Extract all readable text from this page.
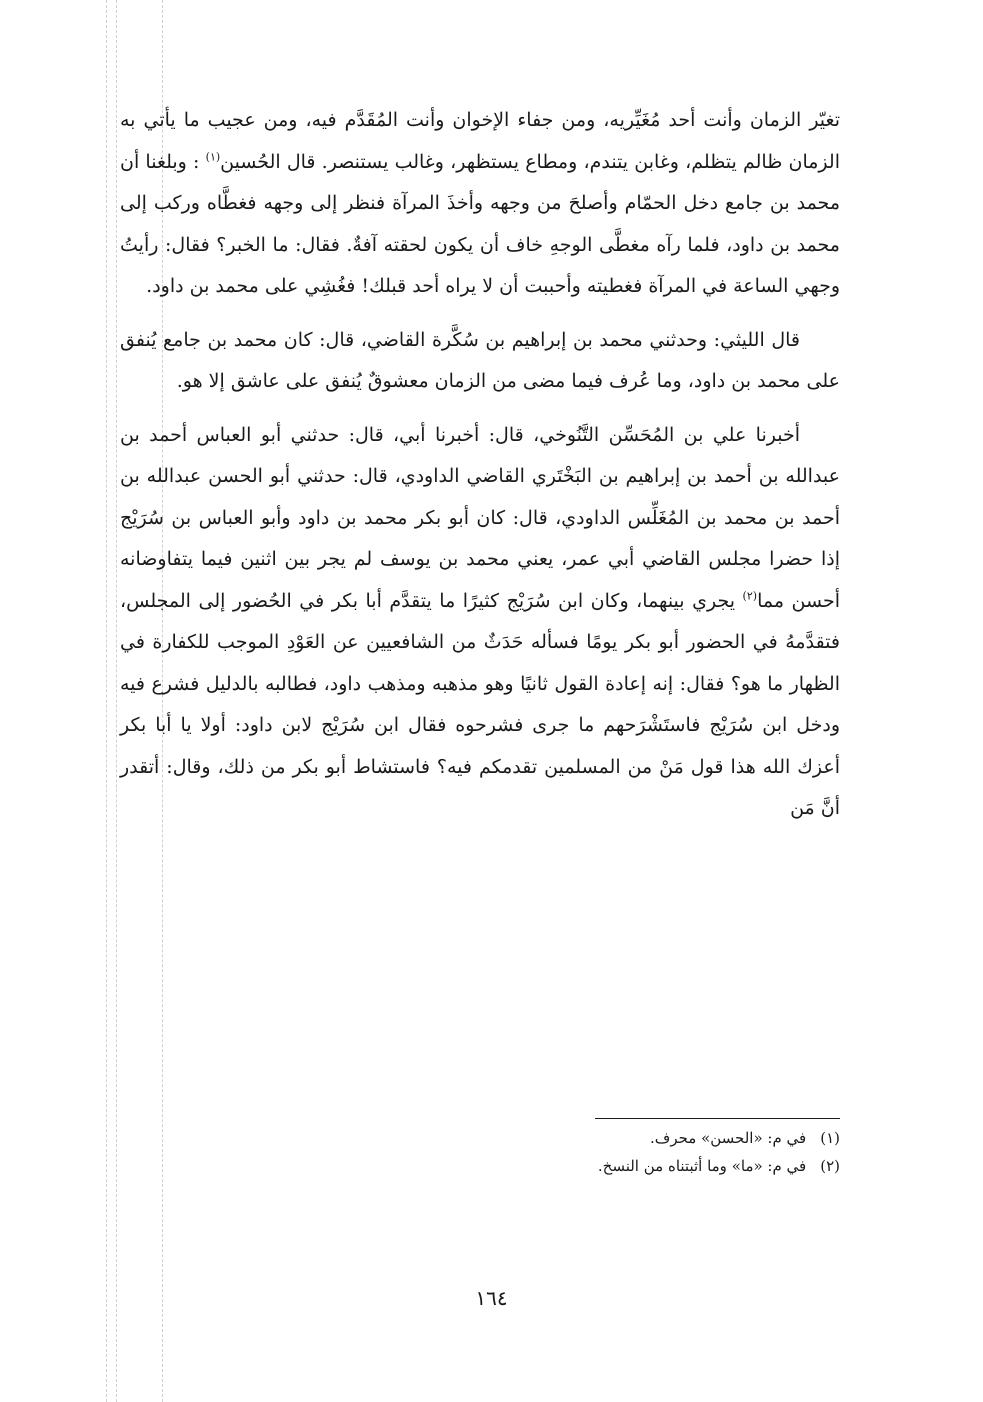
تغيّر الزمان وأنت أحد مُغَيِّريه، ومن جفاء الإخوان وأنت المُقَدَّم فيه، ومن عجيب ما يأتي به الزمان ظالم يتظلم، وغابن يتندم، ومطاع يستظهر، وغالب يستنصر. قال الحُسين$^{(١)}$ : وبلغنا أن محمد بن جامع دخل الحمّام وأصلحَ من وجهه وأخذَ المرآة فنظر إلى وجهه فغطَّاه وركب إلى محمد بن داود، فلما رآه مغطَّى الوجهِ خاف أن يكون لحقته آفةٌ. فقال: ما الخبر؟ فقال: رأيتُ وجهي الساعة في المرآة فغطيته وأحببت أن لا يراه أحد قبلك! فغُشِي على محمد بن داود.

قال الليثي: وحدثني محمد بن إبراهيم بن سُكَّرة القاضي، قال: كان محمد بن جامع يُنفق على محمد بن داود، وما عُرف فيما مضى من الزمان معشوقٌ يُنفق على عاشق إلا هو.

أخبرنا علي بن المُحَسِّن التَّنُوخي، قال: أخبرنا أبي، قال: حدثني أبو العباس أحمد بن عبدالله بن أحمد بن إبراهيم بن البَخْتَري القاضي الداودي، قال: حدثني أبو الحسن عبدالله بن أحمد بن محمد بن المُغَلِّس الداودي، قال: كان أبو بكر محمد بن داود وأبو العباس بن سُرَيْج إذا حضرا مجلس القاضي أبي عمر، يعني محمد بن يوسف لم يجر بين اثنين فيما يتفاوضانه أحسن مما$^{(٢)}$ يجري بينهما، وكان ابن سُرَيْج كثيرًا ما يتقدَّم أبا بكر في الحُضور إلى المجلس، فتقدَّمهُ في الحضور أبو بكر يومًا فسأله حَدَثٌ من الشافعيين عن العَوْدِ الموجب للكفارة في الظهار ما هو؟ فقال: إنه إعادة القول ثانيًا وهو مذهبه ومذهب داود، فطالبه بالدليل فشرع فيه ودخل ابن سُرَيْج فاستَشْرَحهم ما جرى فشرحوه فقال ابن سُرَيْج لابن داود: أولا يا أبا بكر أعزك الله هذا قول مَنْ من المسلمين تقدمكم فيه؟ فاستشاط أبو بكر من ذلك، وقال: أتقدر أنَّ مَن

(١)في م: «الحسن» محرف.

(٢)في م: «ما» وما أثبتناه من النسخ.

١٦٤
